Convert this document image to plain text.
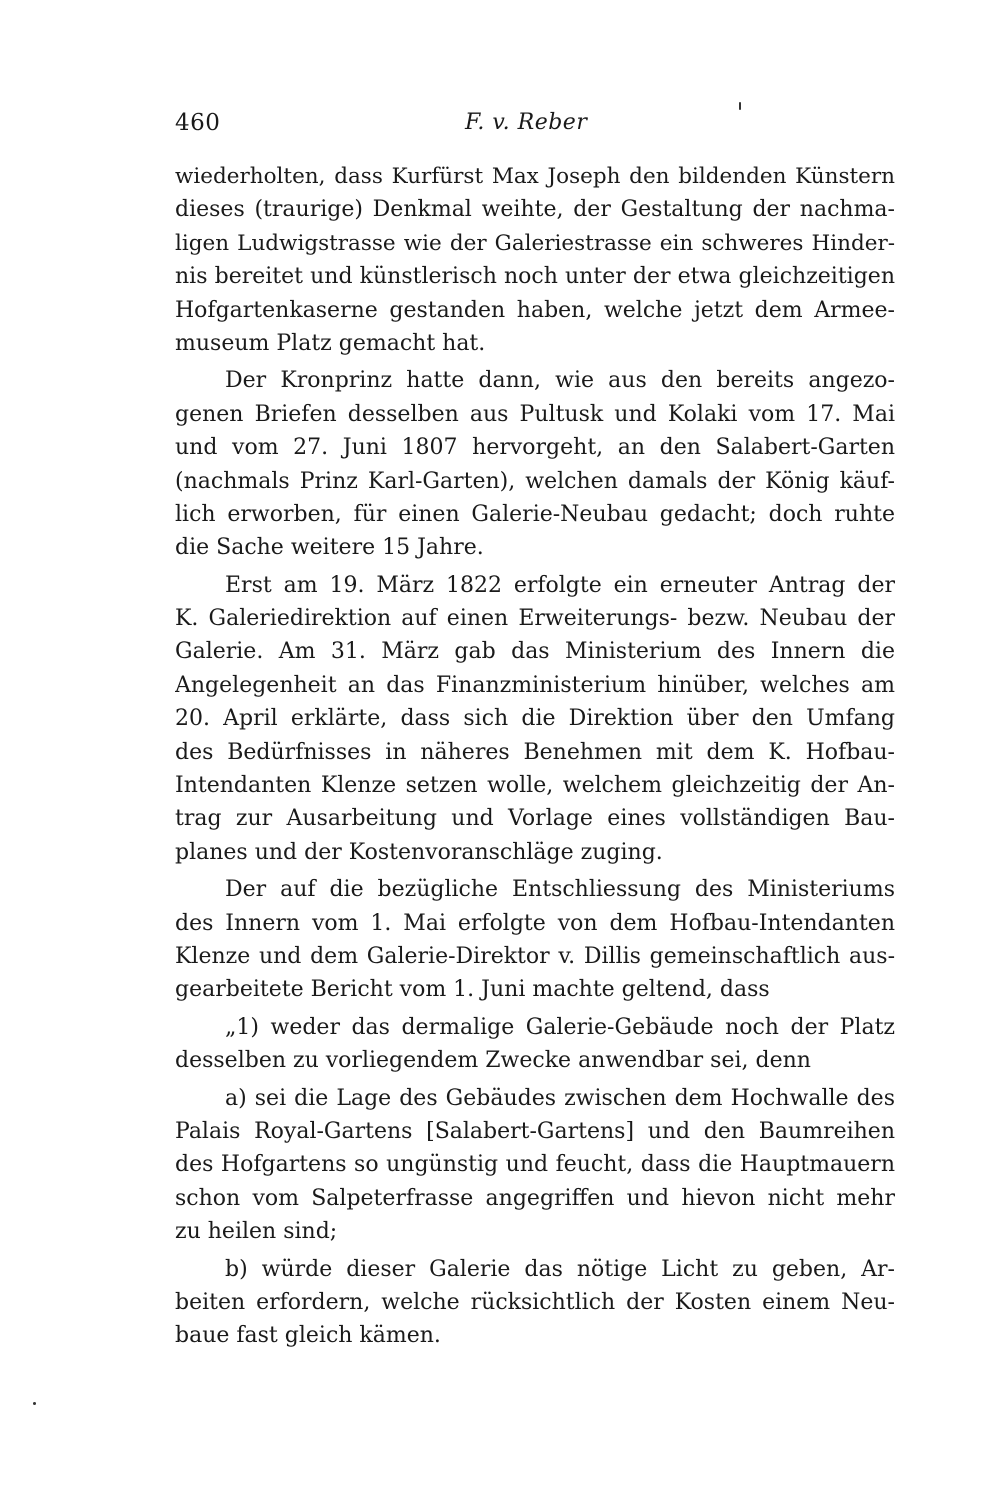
460	F. v. Reber
wiederholten, dass Kurfürst Max Joseph den bildenden Künstern
dieses (traurige) Denkmal weihte, der Gestaltung der nachma-
ligen Ludwigstrasse wie der Galeriestrasse ein schweres Hinder-
nis bereitet und künstlerisch noch unter der etwa gleichzeitigen
Hofgartenkaserne gestanden haben, welche jetzt dem Armee-
museum Platz gemacht hat.
Der Kronprinz hatte dann, wie aus den bereits angezo-
genen Briefen desselben aus Pultusk und Kolaki vom 17. Mai
und vom 27. Juni 1807 hervorgeht, an den Salabert-Garten
(nachmals Prinz Karl-Garten), welchen damals der König käuf-
lich erworben, für einen Galerie-Neubau gedacht; doch ruhte
die Sache weitere 15 Jahre.
Erst am 19. März 1822 erfolgte ein erneuter Antrag der
K. Galeriedirektion auf einen Erweiterungs- bezw. Neubau der
Galerie. Am 31. März gab das Ministerium des Innern die
Angelegenheit an das Finanzministerium hinüber, welches am
20. April erklärte, dass sich die Direktion über den Umfang
des Bedürfnisses in näheres Benehmen mit dem K. Hofbau-
Intendanten Klenze setzen wolle, welchem gleichzeitig der An-
trag zur Ausarbeitung und Vorlage eines vollständigen Bau-
planes und der Kostenvoranschläge zuging.
Der auf die bezügliche Entschliessung des Ministeriums
des Innern vom 1. Mai erfolgte von dem Hofbau-Intendanten
Klenze und dem Galerie-Direktor v. Dillis gemeinschaftlich aus-
gearbeitete Bericht vom 1. Juni machte geltend, dass
„1) weder das dermalige Galerie-Gebäude noch der Platz
desselben zu vorliegendem Zwecke anwendbar sei, denn
a) sei die Lage des Gebäudes zwischen dem Hochwalle des
Palais Royal-Gartens [Salabert-Gartens] und den Baumreihen
des Hofgartens so ungünstig und feucht, dass die Hauptmauern
schon vom Salpeterfrasse angegriffen und hievon nicht mehr
zu heilen sind;
b) würde dieser Galerie das nötige Licht zu geben, Ar-
beiten erfordern, welche rücksichtlich der Kosten einem Neu-
baue fast gleich kämen.
